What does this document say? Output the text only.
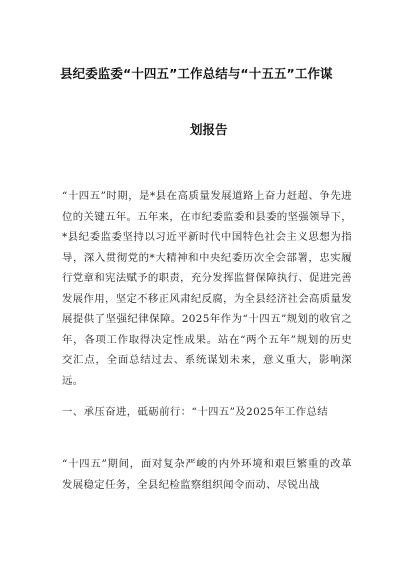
县纪委监委“十四五”工作总结与“十五五”工作谋
划报告
“十四五”时期，是*县在高质量发展道路上奋力赶超、争先进位的关键五年。五年来，在市纪委监委和县委的坚强领导下，*县纪委监委坚持以习近平新时代中国特色社会主义思想为指导，深入贯彻党的*大精神和中央纪委历次全会部署，忠实履行党章和宪法赋予的职责，充分发挥监督保障执行、促进完善发展作用，坚定不移正风肃纪反腐，为全县经济社会高质量发展提供了坚强纪律保障。2025年作为“十四五”规划的收官之年，各项工作取得决定性成果。站在“两个五年”规划的历史交汇点，全面总结过去、系统谋划未来，意义重大，影响深远。
一、承压奋进，砥砺前行：“十四五”及2025年工作总结
“十四五”期间，面对复杂严峻的内外环境和艰巨繁重的改革发展稳定任务，全县纪检监察组织闻令而动、尽锐出战
